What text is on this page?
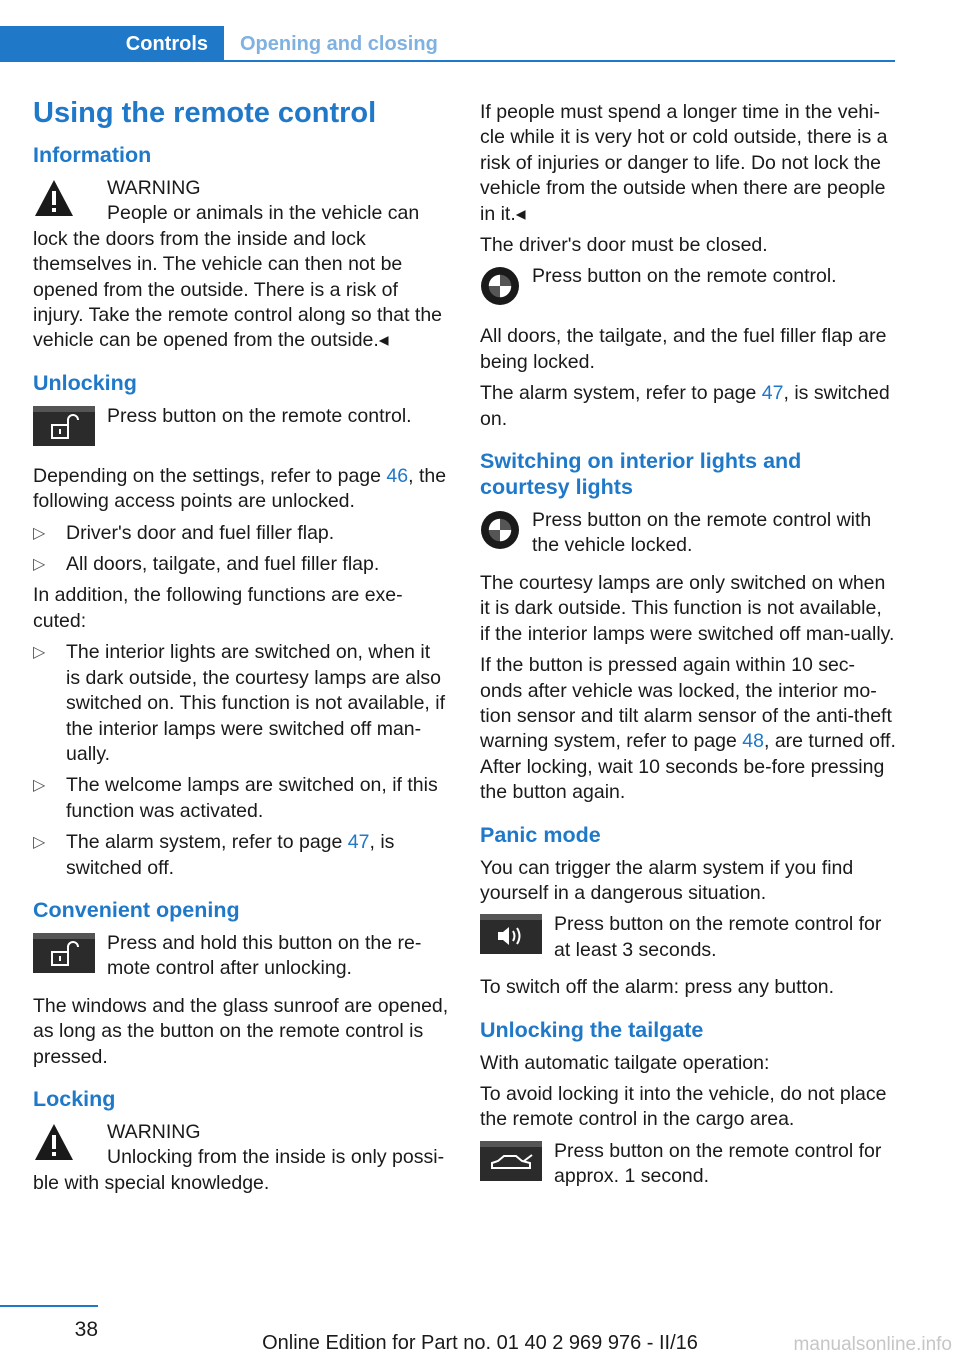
Controls	Opening and closing
Using the remote control
Information
WARNING
People or animals in the vehicle can lock the doors from the inside and lock themselves in. The vehicle can then not be opened from the outside. There is a risk of injury. Take the remote control along so that the vehicle can be opened from the outside.◂
Unlocking
Press button on the remote control.

Depending on the settings, refer to page 46, the following access points are unlocked.

▷ Driver's door and fuel filler flap.
▷ All doors, tailgate, and fuel filler flap.

In addition, the following functions are exe-cuted:

▷ The interior lights are switched on, when it is dark outside, the courtesy lamps are also switched on. This function is not available, if the interior lamps were switched off man-ually.
▷ The welcome lamps are switched on, if this function was activated.
▷ The alarm system, refer to page 47, is switched off.
Convenient opening
Press and hold this button on the re-mote control after unlocking.

The windows and the glass sunroof are opened, as long as the button on the remote control is pressed.

Locking
WARNING
Unlocking from the inside is only possi-ble with special knowledge.

If people must spend a longer time in the vehi-cle while it is very hot or cold outside, there is a risk of injuries or danger to life. Do not lock the vehicle from the outside when there are people in it.◂

The driver's door must be closed.

Press button on the remote control.

All doors, the tailgate, and the fuel filler flap are being locked.

The alarm system, refer to page 47, is switched on.

Switching on interior lights and courtesy lights
Press button on the remote control with the vehicle locked.

The courtesy lamps are only switched on when it is dark outside. This function is not available, if the interior lamps were switched off man-ually.

If the button is pressed again within 10 sec-onds after vehicle was locked, the interior mo-tion sensor and tilt alarm sensor of the anti-theft warning system, refer to page 48, are turned off. After locking, wait 10 seconds be-fore pressing the button again.

Panic mode

You can trigger the alarm system if you find yourself in a dangerous situation.

Press button on the remote control for at least 3 seconds.

To switch off the alarm: press any button.

Unlocking the tailgate

With automatic tailgate operation:

To avoid locking it into the vehicle, do not place the remote control in the cargo area.

Press button on the remote control for approx. 1 second.
38
Online Edition for Part no. 01 40 2 969 976 - II/16	manualsonline.info
